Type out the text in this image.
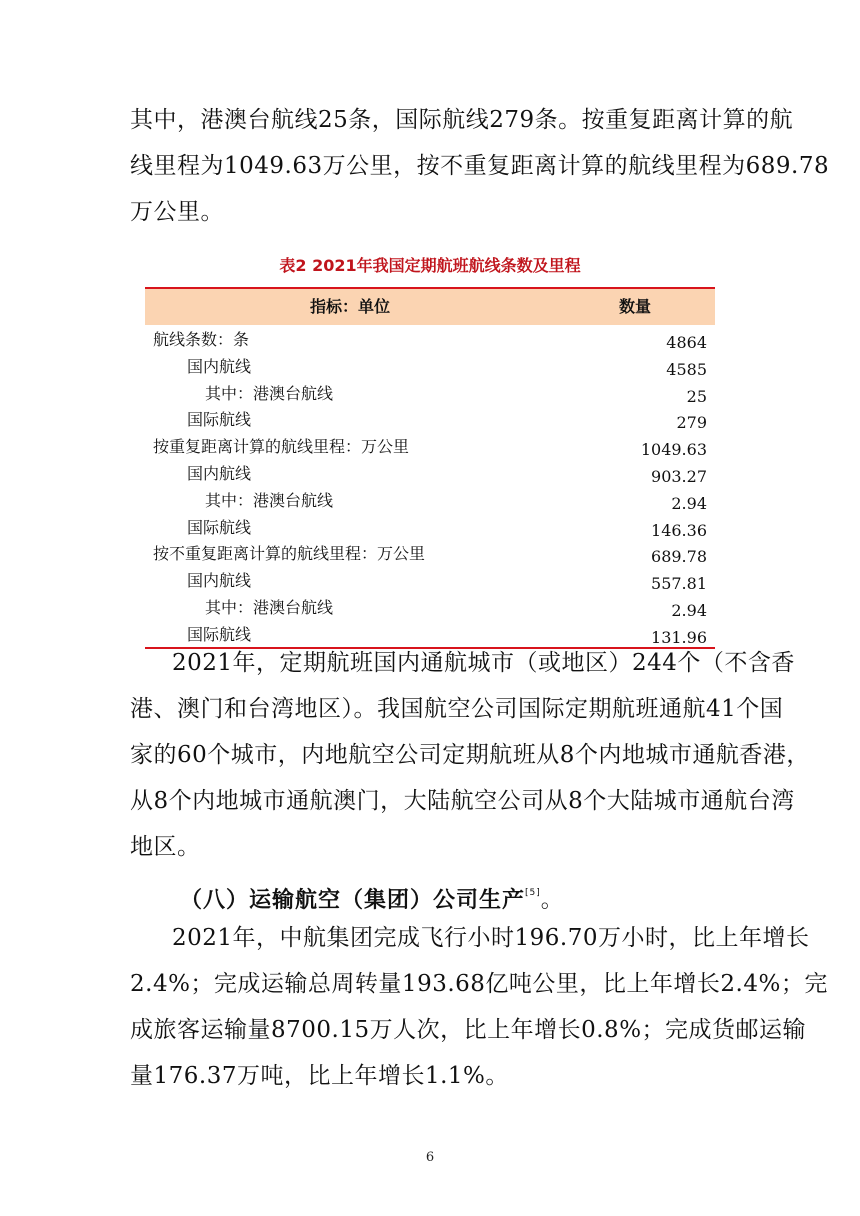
其中，港澳台航线25条，国际航线279条。按重复距离计算的航
线里程为1049.63万公里，按不重复距离计算的航线里程为689.78
万公里。
表2 2021年我国定期航班航线条数及里程
指标：单位	数量
航线条数：条	4864
国内航线	4585
其中：港澳台航线	25
国际航线	279
按重复距离计算的航线里程：万公里	1049.63
国内航线	903.27
其中：港澳台航线	2.94
国际航线	146.36
按不重复距离计算的航线里程：万公里	689.78
国内航线	557.81
其中：港澳台航线	2.94
国际航线	131.96
2021年，定期航班国内通航城市（或地区）244个（不含香
港、澳门和台湾地区）。我国航空公司国际定期航班通航41个国
家的60个城市，内地航空公司定期航班从8个内地城市通航香港，
从8个内地城市通航澳门，大陆航空公司从8个大陆城市通航台湾
地区。
（八）运输航空（集团）公司生产[5]。
2021年，中航集团完成飞行小时196.70万小时，比上年增长
2.4%；完成运输总周转量193.68亿吨公里，比上年增长2.4%；完
成旅客运输量8700.15万人次，比上年增长0.8%；完成货邮运输
量176.37万吨，比上年增长1.1%。
6
